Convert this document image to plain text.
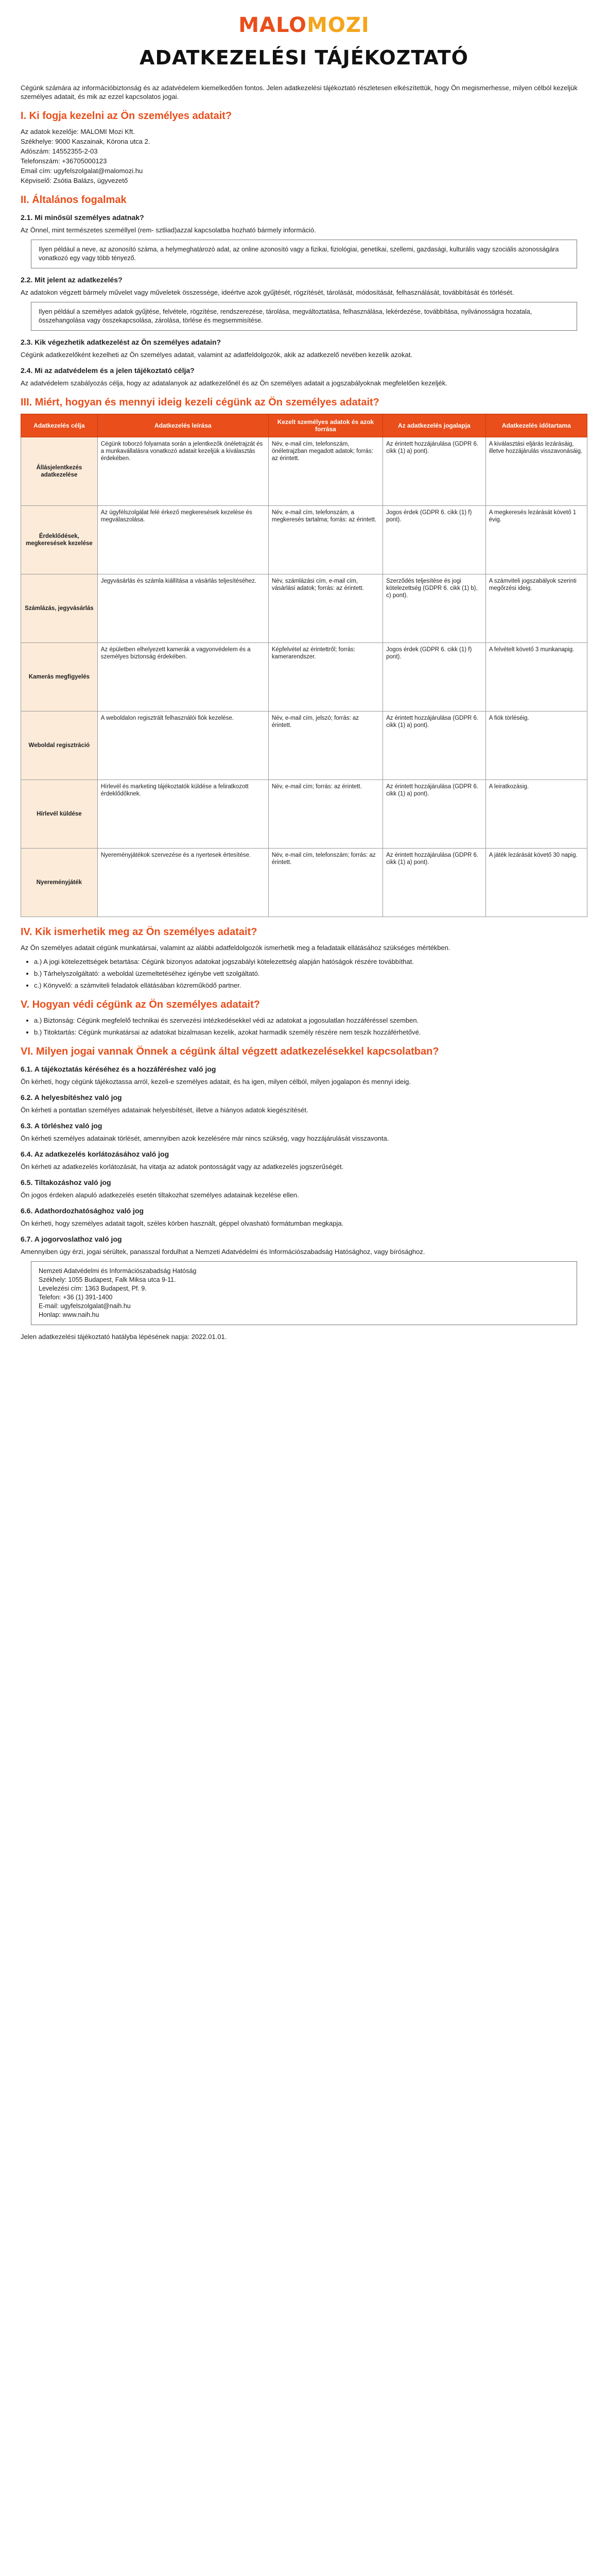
MALOMOZI
ADATKEZELÉSI TÁJÉKOZTATÓ

Cégünk számára az információbiztonság és az adatvédelem kiemelkedően fontos. Jelen adatkezelési tájékoztató részletesen elkészítettük, hogy Ön megismerhesse, milyen célból kezeljük személyes adatait, és mik az ezzel kapcsolatos jogai.

I. Ki fogja kezelni az Ön személyes adatait?

Az adatok kezelője: MALOMI Mozi Kft.

Székhelye: 9000 Kaszainak, Kórona utca 2.

Adószám: 14552355-2-03

Telefonszám: +36705000123

Email cím: ugyfelszolgalat@malomozi.hu

Képviselő: Zsótia Balázs, ügyvezető

II. Általános fogalmak
2.1. Mi minősül személyes adatnak?

Az Önnel, mint természetes személlyel (rem- sztliad)azzal kapcsolatba hozható bármely információ.

Ilyen például a neve, az azonosító száma, a helymeghatározó adat, az online azonosító vagy a fizikai, fiziológiai, genetikai, szellemi, gazdasági, kulturális vagy szociális azonosságára vonatkozó egy vagy több tényező.
2.2. Mit jelent az adatkezelés?

Az adatokon végzett bármely művelet vagy műveletek összessége, ideértve azok gyűjtését, rögzítését, tárolását, módosítását, felhasználását, továbbítását és törlését.

Ilyen például a személyes adatok gyűjtése, felvétele, rögzítése, rendszerezése, tárolása, megváltoztatása, felhasználása, lekérdezése, továbbítása, nyilvánosságra hozatala, összehangolása vagy összekapcsolása, zárolása, törlése és megsemmisítése.
2.3. Kik végezhetik adatkezelést az Ön személyes adatain?

Cégünk adatkezelőként kezelheti az Ön személyes adatait, valamint az adatfeldolgozók, akik az adatkezelő nevében kezelik azokat.

2.4. Mi az adatvédelem és a jelen tájékoztató célja?

Az adatvédelem szabályozás célja, hogy az adatalanyok az adatkezelőnél és az Ön személyes adatait a jogszabályoknak megfelelően kezeljék.

III. Miért, hogyan és mennyi ideig kezeli cégünk az Ön személyes adatait?
Adatkezelés célja	Adatkezelés leírása	Kezelt személyes adatok és azok forrása	Az adatkezelés jogalapja	Adatkezelés időtartama
Állásjelentkezés adatkezelése	Cégünk toborzó folyamata során a jelentkezők önéletrajzát és a munkavállalásra vonatkozó adatait kezeljük a kiválasztás érdekében.	Név, e-mail cím, telefonszám, önéletrajzban megadott adatok; forrás: az érintett.	Az érintett hozzájárulása (GDPR 6. cikk (1) a) pont).	A kiválasztási eljárás lezárásáig, illetve hozzájárulás visszavonásáig.
Érdeklődések, megkeresések kezelése	Az ügyfélszolgálat felé érkező megkeresések kezelése és megválaszolása.	Név, e-mail cím, telefonszám, a megkeresés tartalma; forrás: az érintett.	Jogos érdek (GDPR 6. cikk (1) f) pont).	A megkeresés lezárását követő 1 évig.
Számlázás, jegyvásárlás	Jegyvásárlás és számla kiállítása a vásárlás teljesítéséhez.	Név, számlázási cím, e-mail cím, vásárlási adatok; forrás: az érintett.	Szerződés teljesítése és jogi kötelezettség (GDPR 6. cikk (1) b), c) pont).	A számviteli jogszabályok szerinti megőrzési ideig.
Kamerás megfigyelés	Az épületben elhelyezett kamerák a vagyonvédelem és a személyes biztonság érdekében.	Képfelvétel az érintettről; forrás: kamerarendszer.	Jogos érdek (GDPR 6. cikk (1) f) pont).	A felvételt követő 3 munkanapig.
Weboldal regisztráció	A weboldalon regisztrált felhasználói fiók kezelése.	Név, e-mail cím, jelszó; forrás: az érintett.	Az érintett hozzájárulása (GDPR 6. cikk (1) a) pont).	A fiók törléséig.
Hírlevél küldése	Hírlevél és marketing tájékoztatók küldése a feliratkozott érdeklődőknek.	Név, e-mail cím; forrás: az érintett.	Az érintett hozzájárulása (GDPR 6. cikk (1) a) pont).	A leiratkozásig.
Nyereményjáték	Nyereményjátékok szervezése és a nyertesek értesítése.	Név, e-mail cím, telefonszám; forrás: az érintett.	Az érintett hozzájárulása (GDPR 6. cikk (1) a) pont).	A játék lezárását követő 30 napig.
IV. Kik ismerhetik meg az Ön személyes adatait?

Az Ön személyes adatait cégünk munkatársai, valamint az alábbi adatfeldolgozók ismerhetik meg a feladataik ellátásához szükséges mértékben.

• a.) A jogi kötelezettségek betartása: Cégünk bizonyos adatokat jogszabályi kötelezettség alapján hatóságok részére továbbíthat.
• b.) Tárhelyszolgáltató: a weboldal üzemeltetéséhez igénybe vett szolgáltató.
• c.) Könyvelő: a számviteli feladatok ellátásában közreműködő partner.
V. Hogyan védi cégünk az Ön személyes adatait?
• a.) Biztonság: Cégünk megfelelő technikai és szervezési intézkedésekkel védi az adatokat a jogosulatlan hozzáféréssel szemben.
• b.) Titoktartás: Cégünk munkatársai az adatokat bizalmasan kezelik, azokat harmadik személy részére nem teszik hozzáférhetővé.
VI. Milyen jogai vannak Önnek a cégünk által végzett adatkezelésekkel kapcsolatban?
6.1. A tájékoztatás kéréséhez és a hozzáféréshez való jog

Ön kérheti, hogy cégünk tájékoztassa arról, kezeli-e személyes adatait, és ha igen, milyen célból, milyen jogalapon és mennyi ideig.

6.2. A helyesbítéshez való jog

Ön kérheti a pontatlan személyes adatainak helyesbítését, illetve a hiányos adatok kiegészítését.

6.3. A törléshez való jog

Ön kérheti személyes adatainak törlését, amennyiben azok kezelésére már nincs szükség, vagy hozzájárulását visszavonta.

6.4. Az adatkezelés korlátozásához való jog

Ön kérheti az adatkezelés korlátozását, ha vitatja az adatok pontosságát vagy az adatkezelés jogszerűségét.

6.5. Tiltakozáshoz való jog

Ön jogos érdeken alapuló adatkezelés esetén tiltakozhat személyes adatainak kezelése ellen.

6.6. Adathordozhatósághoz való jog

Ön kérheti, hogy személyes adatait tagolt, széles körben használt, géppel olvasható formátumban megkapja.

6.7. A jogorvoslathoz való jog

Amennyiben úgy érzi, jogai sérültek, panasszal fordulhat a Nemzeti Adatvédelmi és Információszabadság Hatósághoz, vagy bírósághoz.

Nemzeti Adatvédelmi és Információszabadság Hatóság
Székhely: 1055 Budapest, Falk Miksa utca 9-11.
Levelezési cím: 1363 Budapest, Pf. 9.
Telefon: +36 (1) 391-1400
E-mail: ugyfelszolgalat@naih.hu
Honlap: www.naih.hu

Jelen adatkezelési tájékoztató hatályba lépésének napja: 2022.01.01.
